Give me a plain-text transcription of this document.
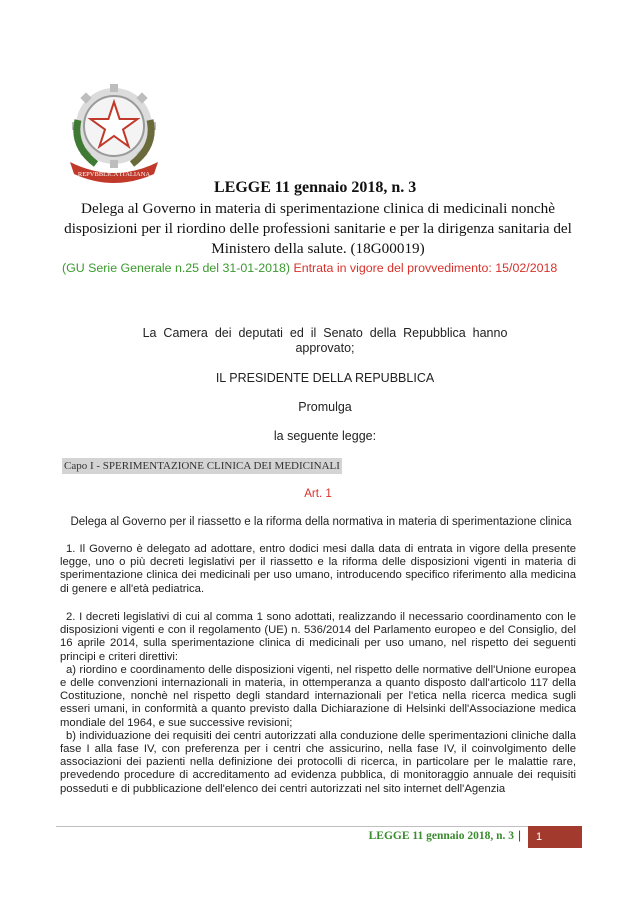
REPVBBLICA ITALIANA
LEGGE 11 gennaio 2018, n. 3
Delega al Governo in materia di sperimentazione clinica di medicinali nonchè
disposizioni per il riordino delle professioni sanitarie e per la dirigenza sanitaria del
Ministero della salute. (18G00019)
(GU Serie Generale n.25 del 31-01-2018) Entrata in vigore del provvedimento: 15/02/2018
La  Camera  dei  deputati  ed  il  Senato  della  Repubblica  hanno
approvato;
IL PRESIDENTE DELLA REPUBBLICA
Promulga
la seguente legge:
Capo I - SPERIMENTAZIONE CLINICA DEI MEDICINALI
Art. 1
Delega al Governo per il riassetto e la riforma della normativa in materia di sperimentazione clinica

1. Il Governo è delegato ad adottare, entro dodici mesi dalla data di entrata in vigore della presente legge, uno o più decreti legislativi per il riassetto e la riforma delle disposizioni vigenti in materia di sperimentazione clinica dei medicinali per uso umano, introducendo specifico riferimento alla medicina di genere e all'età pediatrica.

2. I decreti legislativi di cui al comma 1 sono adottati, realizzando il necessario coordinamento con le disposizioni vigenti e con il regolamento (UE) n. 536/2014 del Parlamento europeo e del Consiglio, del 16 aprile 2014, sulla sperimentazione clinica di medicinali per uso umano, nel rispetto dei seguenti principi e criteri direttivi:

a) riordino e coordinamento delle disposizioni vigenti, nel rispetto delle normative dell'Unione europea e delle convenzioni internazionali in materia, in ottemperanza a quanto disposto dall'articolo 117 della Costituzione, nonchè nel rispetto degli standard internazionali per l'etica nella ricerca medica sugli esseri umani, in conformità a quanto previsto dalla Dichiarazione di Helsinki dell'Associazione medica mondiale del 1964, e sue successive revisioni;

b) individuazione dei requisiti dei centri autorizzati alla conduzione delle sperimentazioni cliniche dalla fase I alla fase IV, con preferenza per i centri che assicurino, nella fase IV, il coinvolgimento delle associazioni dei pazienti nella definizione dei protocolli di ricerca, in particolare per le malattie rare, prevedendo procedure di accreditamento ad evidenza pubblica, di monitoraggio annuale dei requisiti posseduti e di pubblicazione dell'elenco dei centri autorizzati nel sito internet dell'Agenzia

LEGGE 11 gennaio 2018, n. 3 |	1
